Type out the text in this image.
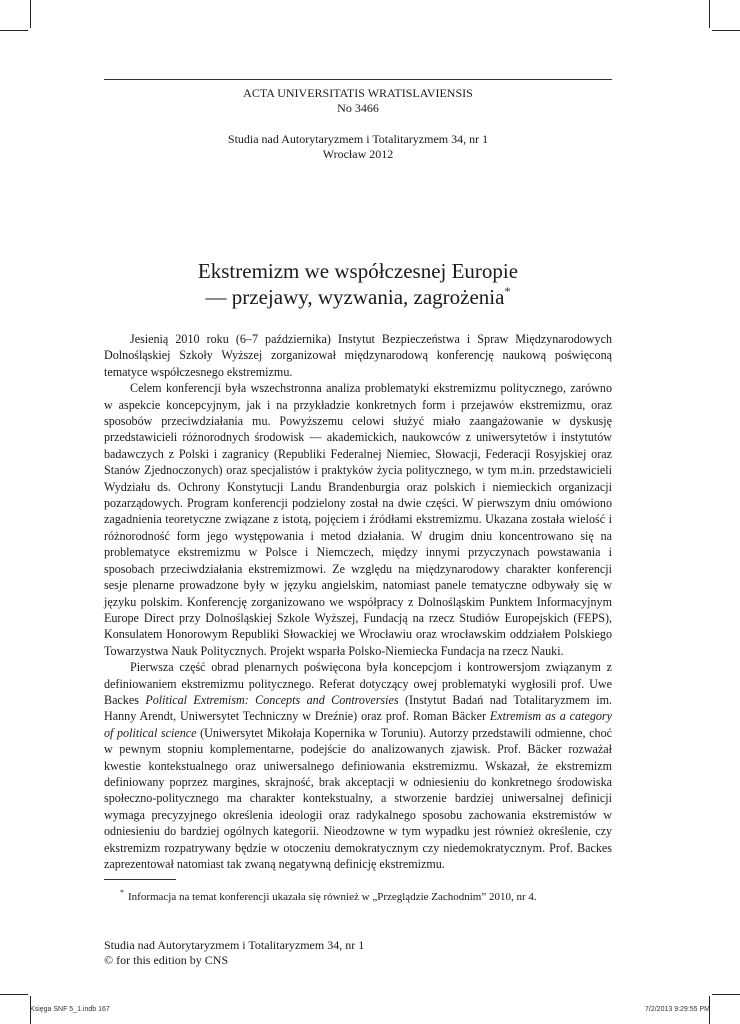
ACTA UNIVERSITATIS WRATISLAVIENSIS
No 3466
Studia nad Autorytaryzmem i Totalitaryzmem 34, nr 1
Wrocław 2012
Ekstremizm we współczesnej Europie
— przejawy, wyzwania, zagrożenia*

Jesienią 2010 roku (6–7 października) Instytut Bezpieczeństwa i Spraw Międzynarodowych Dolnośląskiej Szkoły Wyższej zorganizował międzynarodową konferencję naukową poświęconą tematyce współczesnego ekstremizmu.

Celem konferencji była wszechstronna analiza problematyki ekstremizmu politycznego, zarówno w aspekcie koncepcyjnym, jak i na przykładzie konkretnych form i przejawów ekstremizmu, oraz sposobów przeciwdziałania mu. Powyższemu celowi służyć miało zaangażowanie w dyskusję przedstawicieli różnorodnych środowisk — akademickich, naukowców z uniwersytetów i instytutów badawczych z Polski i zagranicy (Republiki Federalnej Niemiec, Słowacji, Federacji Rosyjskiej oraz Stanów Zjednoczonych) oraz specjalistów i praktyków życia politycznego, w tym m.in. przedstawicieli Wydziału ds. Ochrony Konstytucji Landu Brandenburgia oraz polskich i niemieckich organizacji pozarządowych. Program konferencji podzielony został na dwie części. W pierwszym dniu omówiono zagadnienia teoretyczne związane z istotą, pojęciem i źródłami ekstremizmu. Ukazana została wielość i różnorodność form jego występowania i metod działania. W drugim dniu koncentrowano się na problematyce ekstremizmu w Polsce i Niemczech, między innymi przyczynach powstawania i sposobach przeciwdziałania ekstremizmowi. Ze względu na międzynarodowy charakter konferencji sesje plenarne prowadzone były w języku angielskim, natomiast panele tematyczne odbywały się w języku polskim. Konferencję zorganizowano we współpracy z Dolnośląskim Punktem Informacyjnym Europe Direct przy Dolnośląskiej Szkole Wyższej, Fundacją na rzecz Studiów Europejskich (FEPS), Konsulatem Honorowym Republiki Słowackiej we Wrocławiu oraz wrocławskim oddziałem Polskiego Towarzystwa Nauk Politycznych. Projekt wsparła Polsko-Niemiecka Fundacja na rzecz Nauki.

Pierwsza część obrad plenarnych poświęcona była koncepcjom i kontrowersjom związanym z definiowaniem ekstremizmu politycznego. Referat dotyczący owej problematyki wygłosili prof. Uwe Backes Political Extremism: Concepts and Controversies (Instytut Badań nad Totalitaryzmem im. Hanny Arendt, Uniwersytet Techniczny w Dreźnie) oraz prof. Roman Bäcker Extremism as a category of political science (Uniwersytet Mikołaja Kopernika w Toruniu). Autorzy przedstawili odmienne, choć w pewnym stopniu komplementarne, podejście do analizowanych zjawisk. Prof. Bäcker rozważał kwestie kontekstualnego oraz uniwersalnego definiowania ekstremizmu. Wskazał, że ekstremizm definiowany poprzez margines, skrajność, brak akceptacji w odniesieniu do konkretnego środowiska społeczno-politycznego ma charakter kontekstualny, a stworzenie bardziej uniwersalnej definicji wymaga precyzyjnego określenia ideologii oraz radykalnego sposobu zachowania ekstremistów w odniesieniu do bardziej ogólnych kategorii. Nieodzowne w tym wypadku jest również określenie, czy ekstremizm rozpatrywany będzie w otoczeniu demokratycznym czy niedemokratycznym. Prof. Backes zaprezentował natomiast tak zwaną negatywną definicję ekstremizmu.

* Informacja na temat konferencji ukazała się również w „Przeglądzie Zachodnim” 2010, nr 4.
Studia nad Autorytaryzmem i Totalitaryzmem 34, nr 1
© for this edition by CNS
Księga SNF 5_1.indb 167	7/2/2013 9:29:55 PM
